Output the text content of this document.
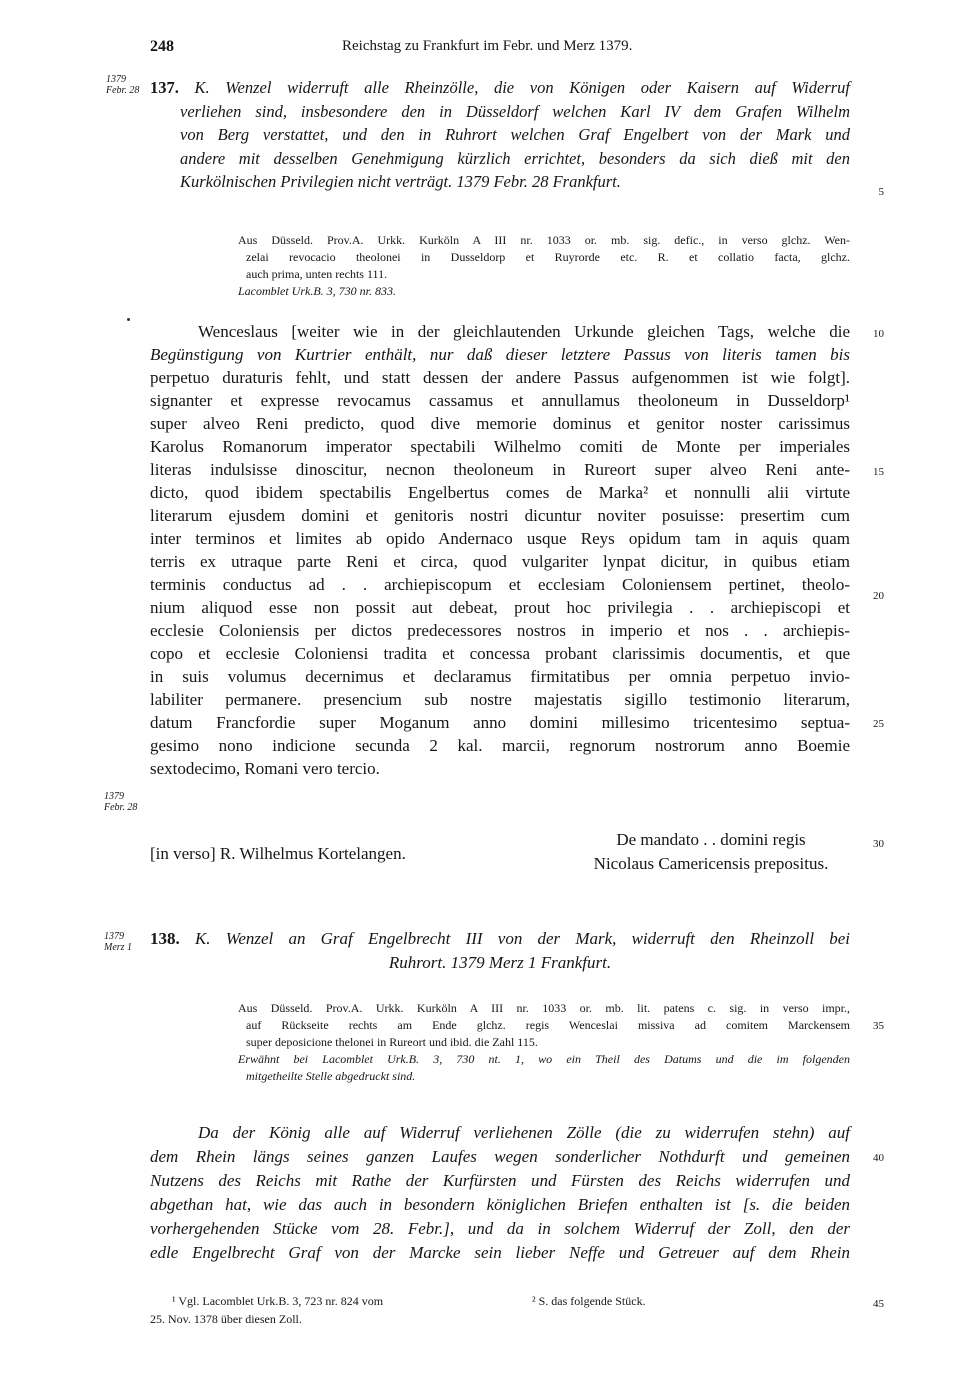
248	Reichstag zu Frankfurt im Febr. und Merz 1379.
1379
Febr. 28 137. K. Wenzel widerruft alle Rheinzölle, die von Königen oder Kaisern auf Widerruf
verliehen sind, insbesondere den in Düsseldorf welchen Karl IV dem Grafen Wilhelm
von Berg verstattet, und den in Ruhrort welchen Graf Engelbert von der Mark und
andere mit desselben Genehmigung kürzlich errichtet, besonders da sich dieß mit den
Kurkölnischen Privilegien nicht verträgt. 1379 Febr. 28 Frankfurt.
Aus Düsseld. Prov.A. Urkk. Kurköln A III nr. 1033 or. mb. sig. defic., in verso glchz. Wen-
zelai revocacio theolonei in Dusseldorp et Ruyrorde etc. R. et collatio facta, glchz.
auch prima, unten rechts 111.
Lacomblet Urk.B. 3, 730 nr. 833.
Wenceslaus [weiter wie in der gleichlautenden Urkunde gleichen Tags, welche die
Begünstigung von Kurtrier enthält, nur daß dieser letztere Passus von literis tamen bis
perpetuo duraturis fehlt, und statt dessen der andere Passus aufgenommen ist wie folgt].
signanter et expresse revocamus cassamus et annullamus theoloneum in Dusseldorp¹
super alveo Reni predicto, quod dive memorie dominus et genitor noster carissimus
Karolus Romanorum imperator spectabili Wilhelmo comiti de Monte per imperiales
literas indulsisse dinoscitur, necnon theoloneum in Rureort super alveo Reni ante-
dicto, quod ibidem spectabilis Engelbertus comes de Marka² et nonnulli alii virtute
literarum ejusdem domini et genitoris nostri dicuntur noviter posuisse: presertim cum
inter terminos et limites ab opido Andernaco usque Reys opidum tam in aquis quam
terris ex utraque parte Reni et circa, quod vulgariter lynpat dicitur, in quibus etiam
terminis conductus ad . . archiepiscopum et ecclesiam Coloniensem pertinet, theolo-
nium aliquod esse non possit aut debeat, prout hoc privilegia . . archiepiscopi et
ecclesie Coloniensis per dictos predecessores nostros in imperio et nos . . archiepis-
copo et ecclesie Coloniensi tradita et concessa probant clarissimis documentis, et que
in suis volumus decernimus et declaramus firmitatibus per omnia perpetuo invio-
labiliter permanere. presencium sub nostre majestatis sigillo testimonio literarum,
datum Francfordie super Moganum anno domini millesimo tricentesimo septua-
gesimo nono indicione secunda 2 kal. marcii, regnorum nostrorum anno Boemie
sextodecimo, Romani vero tercio.
1379
Febr. 28
[in verso] R. Wilhelmus Kortelangen.
De mandato . . domini regis
Nicolaus Camericensis prepositus.
1379
Merz 1 138. K. Wenzel an Graf Engelbrecht III von der Mark, widerruft den Rheinzoll bei
Ruhrort. 1379 Merz 1 Frankfurt.
Aus Düsseld. Prov.A. Urkk. Kurköln A III nr. 1033 or. mb. lit. patens c. sig. in verso impr.,
auf Rückseite rechts am Ende glchz. regis Wenceslai missiva ad comitem Marckensem
super deposicione thelonei in Rureort und ibid. die Zahl 115.
Erwähnt bei Lacomblet Urk.B. 3, 730 nt. 1, wo ein Theil des Datums und die im folgenden
mitgetheilte Stelle abgedruckt sind.
Da der König alle auf Widerruf verliehenen Zölle (die zu widerrufen stehn) auf
dem Rhein längs seines ganzen Laufes wegen sonderlicher Nothdurft und gemeinen
Nutzens des Reichs mit Rathe der Kurfürsten und Fürsten des Reichs widerrufen und
abgethan hat, wie das auch in besondern königlichen Briefen enthalten ist [s. die beiden
vorhergehenden Stücke vom 28. Febr.], und da in solchem Widerruf der Zoll, den der
edle Engelbrecht Graf von der Marcke sein lieber Neffe und Getreuer auf dem Rhein
¹ Vgl. Lacomblet Urk.B. 3, 723 nr. 824 vom
25. Nov. 1378 über diesen Zoll.
² S. das folgende Stück.
5
10
15
20
25
30
35
40
45
